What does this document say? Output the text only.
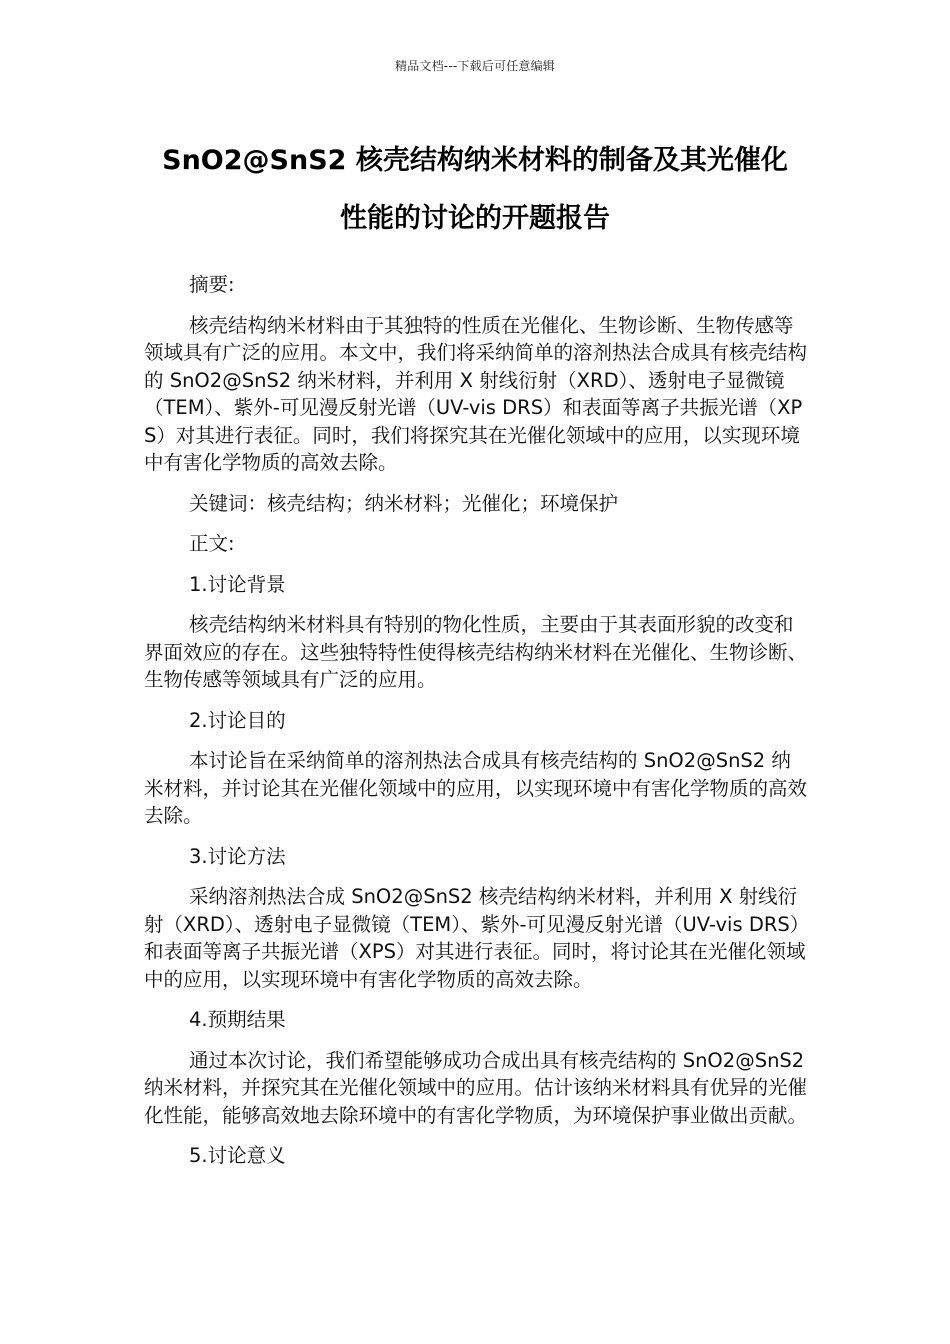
精品文档---下载后可任意编辑
SnO2@SnS2 核壳结构纳米材料的制备及其光催化
性能的讨论的开题报告

摘要:

核壳结构纳米材料由于其独特的性质在光催化、生物诊断、生物传感等领域具有广泛的应用。本文中，我们将采纳简单的溶剂热法合成具有核壳结构的 SnO2@SnS2 纳米材料，并利用 X 射线衍射（XRD）、透射电子显微镜（TEM）、紫外-可见漫反射光谱（UV-vis DRS）和表面等离子共振光谱（XPS）对其进行表征。同时，我们将探究其在光催化领域中的应用，以实现环境中有害化学物质的高效去除。

关键词：核壳结构；纳米材料；光催化；环境保护

正文:

1.讨论背景

核壳结构纳米材料具有特别的物化性质，主要由于其表面形貌的改变和界面效应的存在。这些独特特性使得核壳结构纳米材料在光催化、生物诊断、生物传感等领域具有广泛的应用。

2.讨论目的

本讨论旨在采纳简单的溶剂热法合成具有核壳结构的 SnO2@SnS2 纳米材料，并讨论其在光催化领域中的应用，以实现环境中有害化学物质的高效去除。

3.讨论方法

采纳溶剂热法合成 SnO2@SnS2 核壳结构纳米材料，并利用 X 射线衍射（XRD）、透射电子显微镜（TEM）、紫外-可见漫反射光谱（UV-vis DRS）和表面等离子共振光谱（XPS）对其进行表征。同时，将讨论其在光催化领域中的应用，以实现环境中有害化学物质的高效去除。

4.预期结果

通过本次讨论，我们希望能够成功合成出具有核壳结构的 SnO2@SnS2 纳米材料，并探究其在光催化领域中的应用。估计该纳米材料具有优异的光催化性能，能够高效地去除环境中的有害化学物质，为环境保护事业做出贡献。

5.讨论意义
